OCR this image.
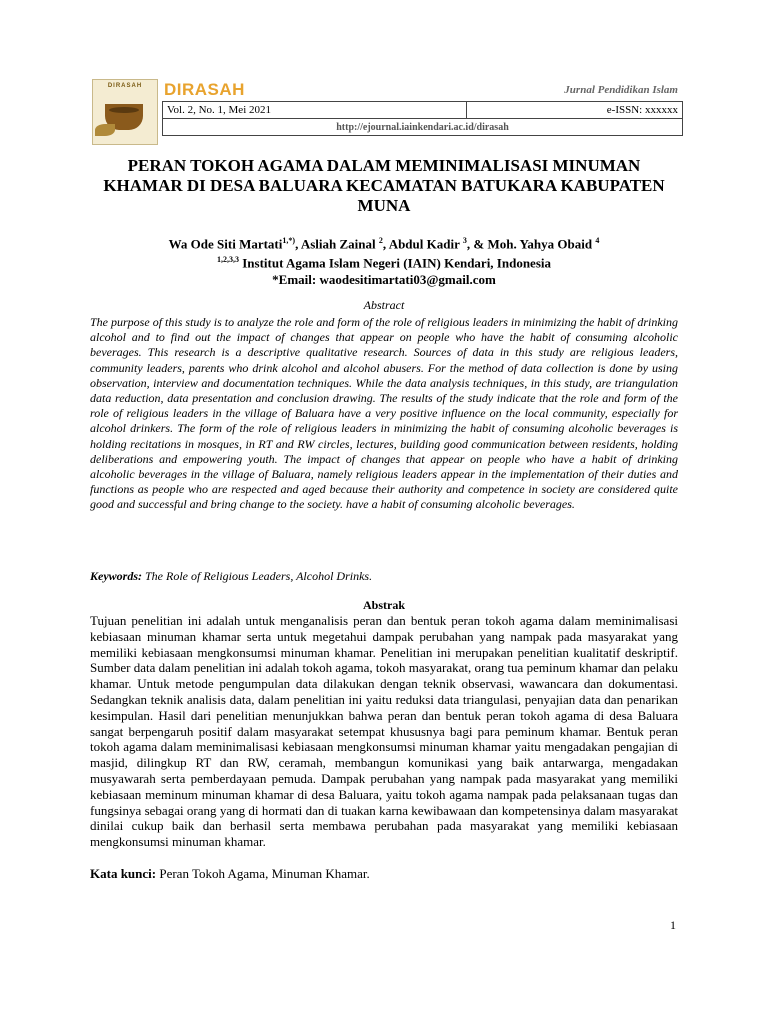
DIRASAH	DIRASAH	Jurnal Pendidikan Islam
Vol. 2, No. 1, Mei 2021	e-ISSN: xxxxxx
http://ejournal.iainkendari.ac.id/dirasah
PERAN TOKOH AGAMA DALAM MEMINIMALISASI MINUMAN KHAMAR DI DESA BALUARA KECAMATAN BATUKARA KABUPATEN MUNA
Wa Ode Siti Martati$^{1,*)}$, Asliah Zainal $^2$, Abdul Kadir $^3$, & Moh. Yahya Obaid $^4$
$^{1,2,3,3}$ Institut Agama Islam Negeri (IAIN) Kendari, Indonesia
*Email: waodesitimartati03@gmail.com
Abstract

The purpose of this study is to analyze the role and form of the role of religious leaders in minimizing the habit of drinking alcohol and to find out the impact of changes that appear on people who have the habit of consuming alcoholic beverages. This research is a descriptive qualitative research. Sources of data in this study are religious leaders, community leaders, parents who drink alcohol and alcohol abusers. For the method of data collection is done by using observation, interview and documentation techniques. While the data analysis techniques, in this study, are triangulation data reduction, data presentation and conclusion drawing. The results of the study indicate that the role and form of the role of religious leaders in the village of Baluara have a very positive influence on the local community, especially for alcohol drinkers. The form of the role of religious leaders in minimizing the habit of consuming alcoholic beverages is holding recitations in mosques, in RT and RW circles, lectures, building good communication between residents, holding deliberations and empowering youth. The impact of changes that appear on people who have a habit of drinking alcoholic beverages in the village of Baluara, namely religious leaders appear in the implementation of their duties and functions as people who are respected and aged because their authority and competence in society are considered quite good and successful and bring change to the society. have a habit of consuming alcoholic beverages.

Keywords: The Role of Religious Leaders, Alcohol Drinks.
Abstrak

Tujuan penelitian ini adalah untuk menganalisis peran dan bentuk peran tokoh agama dalam meminimalisasi kebiasaan minuman khamar serta untuk megetahui dampak perubahan yang nampak pada masyarakat yang memiliki kebiasaan mengkonsumsi minuman khamar. Penelitian ini merupakan penelitian kualitatif deskriptif. Sumber data dalam penelitian ini adalah tokoh agama, tokoh masyarakat, orang tua peminum khamar dan pelaku khamar. Untuk metode pengumpulan data dilakukan dengan teknik observasi, wawancara dan dokumentasi. Sedangkan teknik analisis data, dalam penelitian ini yaitu reduksi data triangulasi, penyajian data dan penarikan kesimpulan. Hasil dari penelitian menunjukkan bahwa peran dan bentuk peran tokoh agama di desa Baluara sangat berpengaruh positif dalam masyarakat setempat khususnya bagi para peminum khamar. Bentuk peran tokoh agama dalam meminimalisasi kebiasaan mengkonsumsi minuman khamar yaitu mengadakan pengajian di masjid, dilingkup RT dan RW, ceramah, membangun komunikasi yang baik antarwarga, mengadakan musyawarah serta pemberdayaan pemuda. Dampak perubahan yang nampak pada masyarakat yang memiliki kebiasaan meminum minuman khamar di desa Baluara, yaitu tokoh agama nampak pada pelaksanaan tugas dan fungsinya sebagai orang yang di hormati dan di tuakan karna kewibawaan dan kompetensinya dalam masyarakat dinilai cukup baik dan berhasil serta membawa perubahan pada masyarakat yang memiliki kebiasaan mengkonsumsi minuman khamar.

Kata kunci: Peran Tokoh Agama, Minuman Khamar.
1
